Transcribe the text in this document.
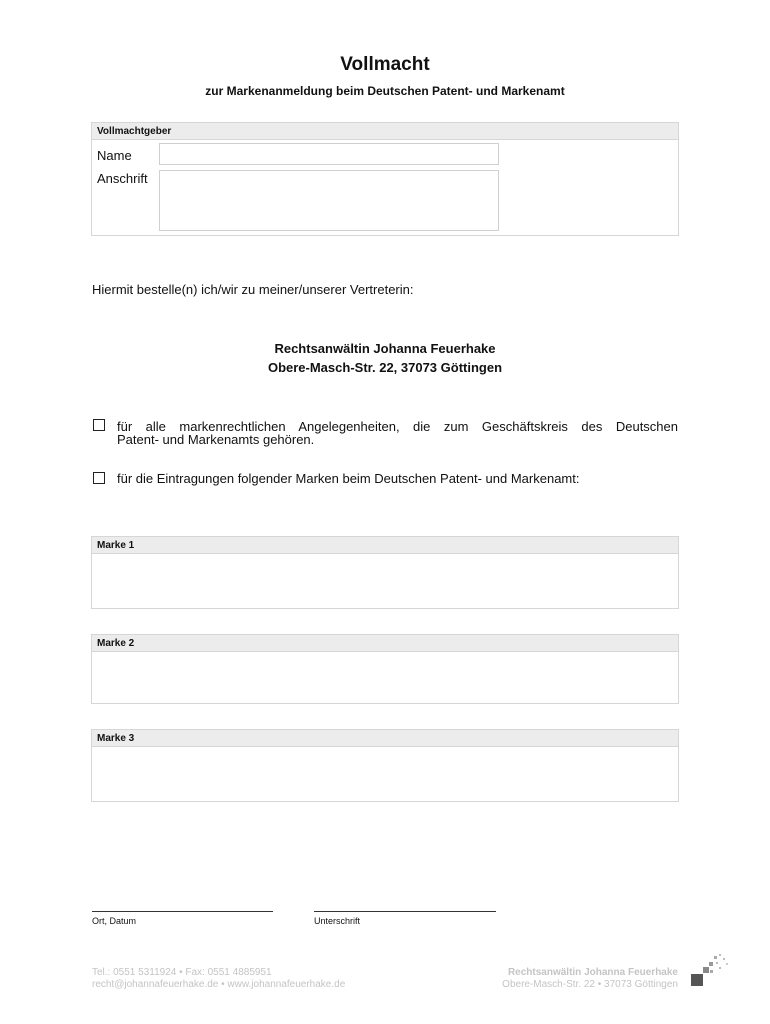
Vollmacht
zur Markenanmeldung beim Deutschen Patent- und Markenamt
Vollmachtgeber
Name
Anschrift
Hiermit bestelle(n) ich/wir zu meiner/unserer Vertreterin:
Rechtsanwältin Johanna Feuerhake
Obere-Masch-Str. 22, 37073 Göttingen
für alle markenrechtlichen Angelegenheiten, die zum Geschäftskreis des Deutschen
Patent- und Markenamts gehören.
für die Eintragungen folgender Marken beim Deutschen Patent- und Markenamt:
Marke 1
Marke 2
Marke 3
Ort, Datum	Unterschrift
Tel.: 0551 5311924 • Fax: 0551 4885951
recht@johannafeuerhake.de • www.johannafeuerhake.de
Rechtsanwältin Johanna Feuerhake
Obere-Masch-Str. 22 • 37073 Göttingen
